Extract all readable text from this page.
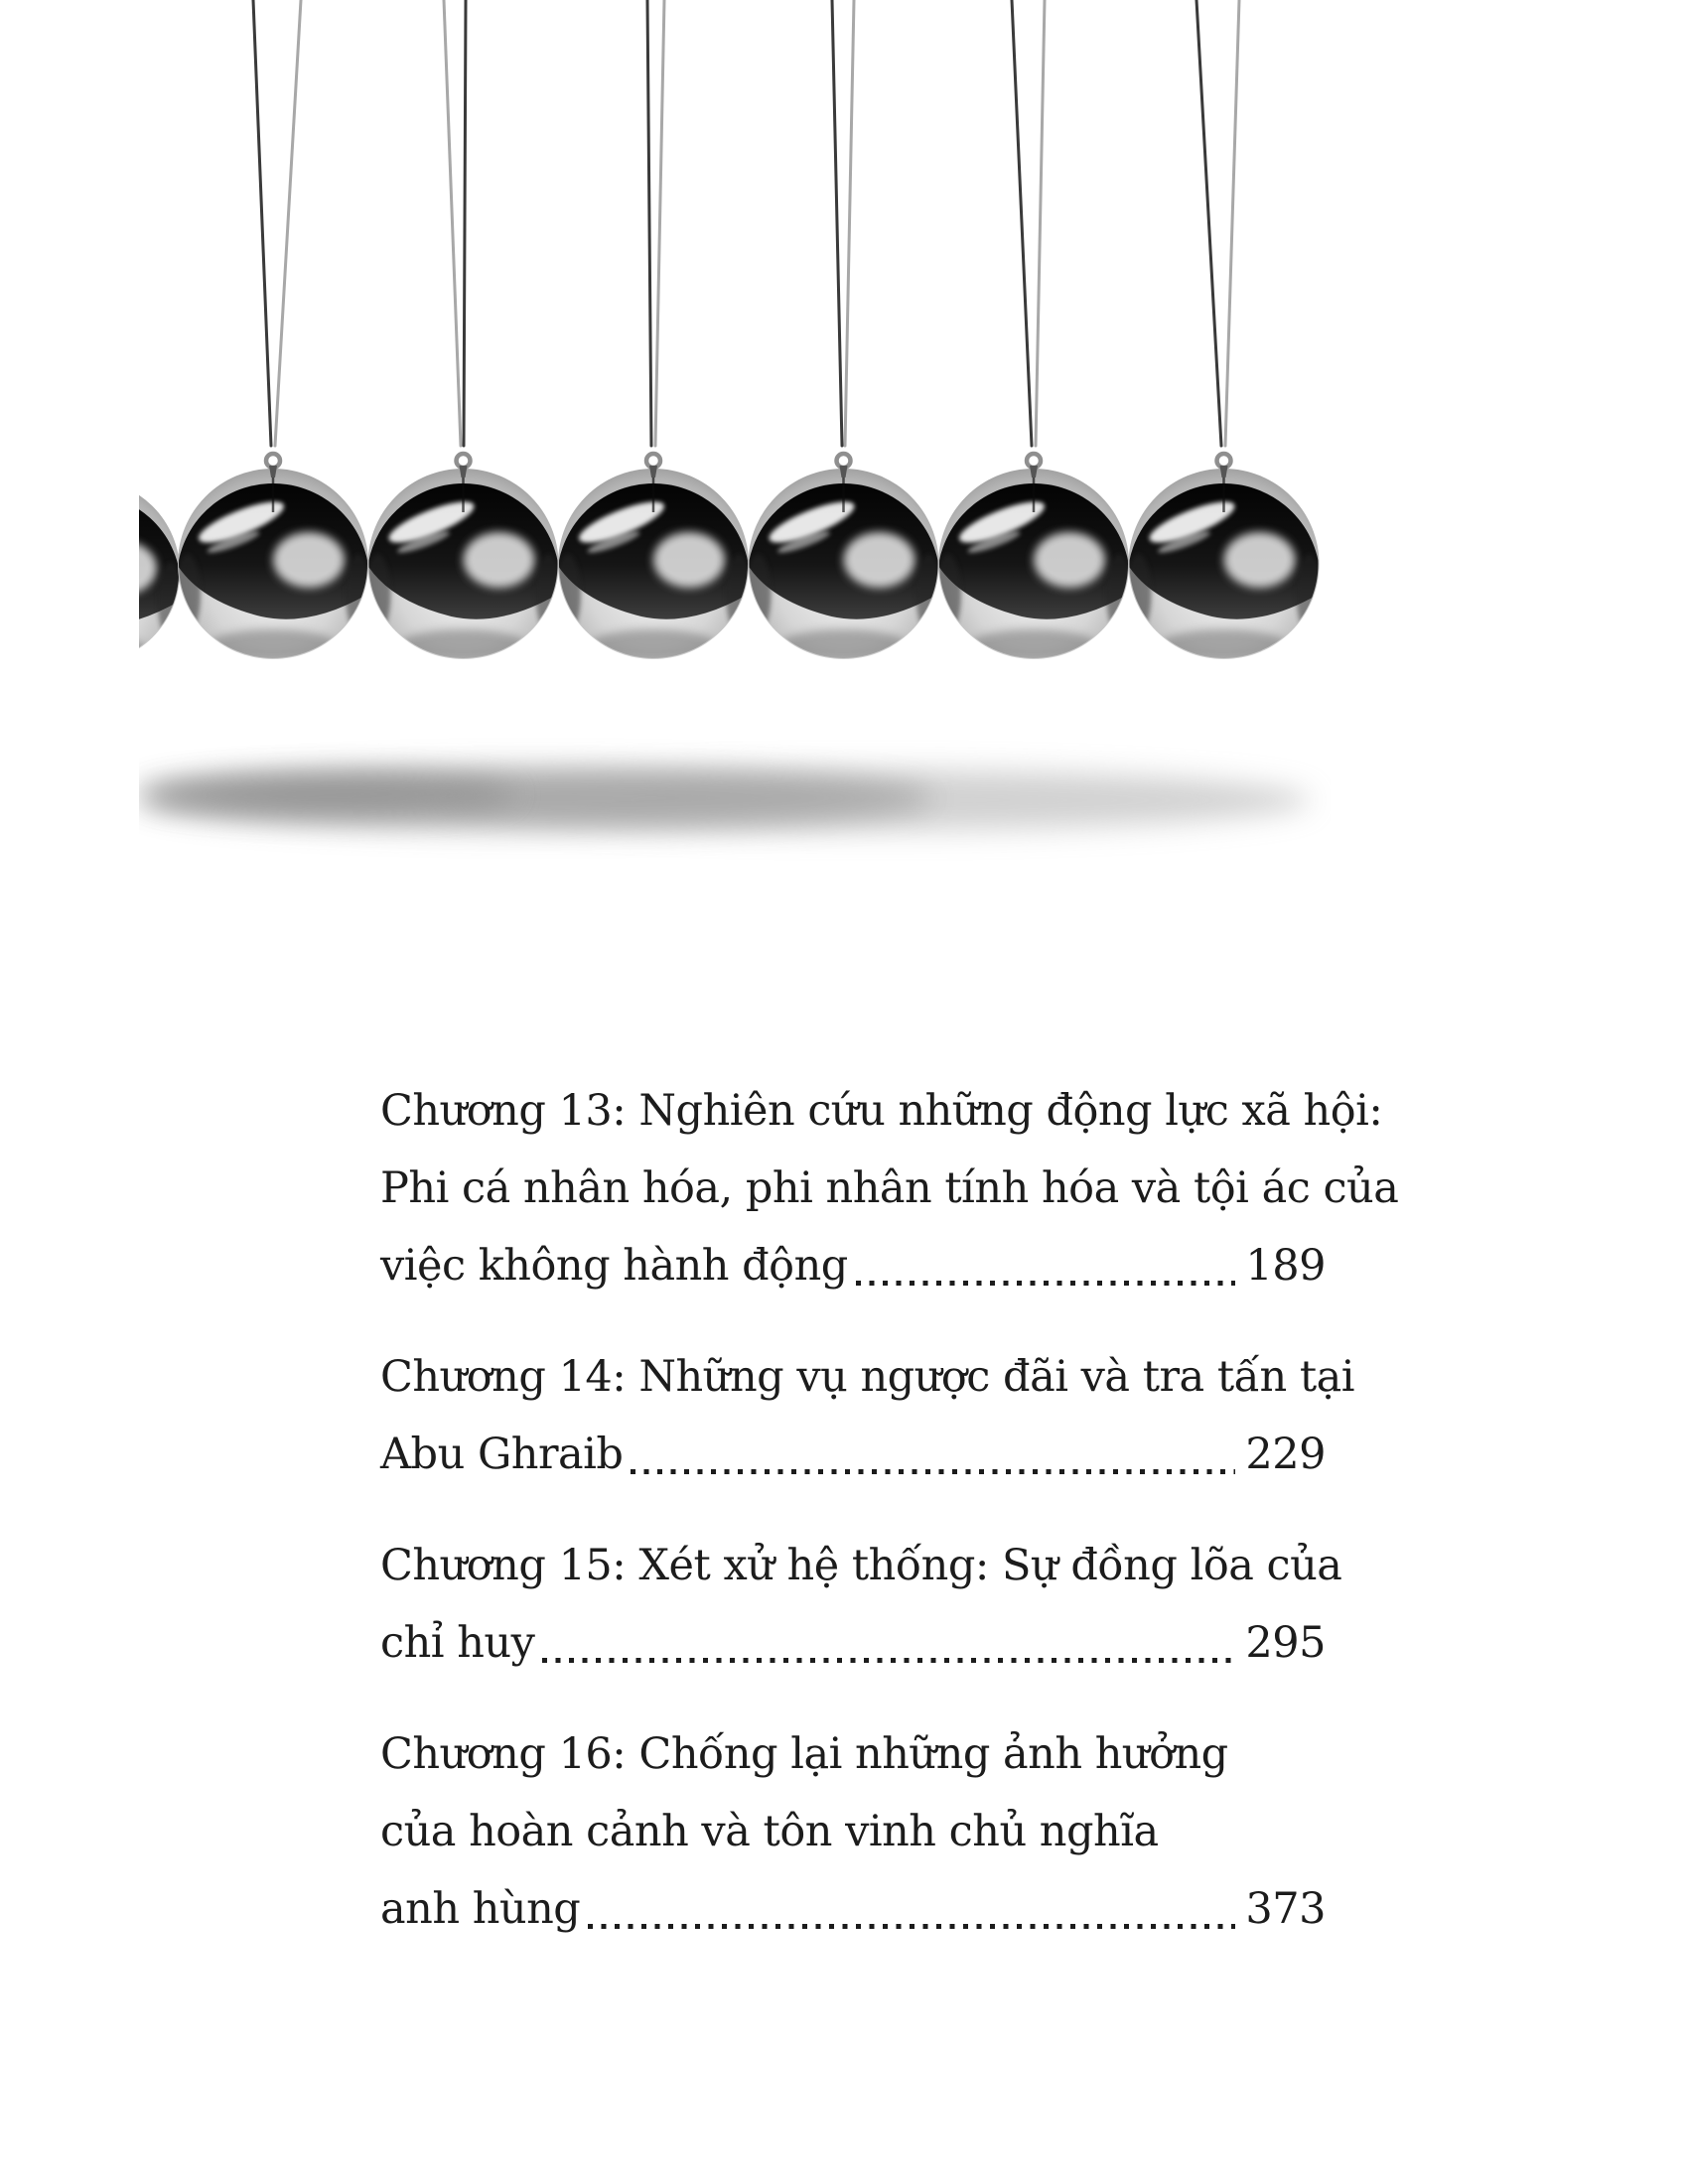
Chương 13: Nghiên cứu những động lực xã hội:
Phi cá nhân hóa, phi nhân tính hóa và tội ác của
việc không hành động	189
Chương 14: Những vụ ngược đãi và tra tấn tại
Abu Ghraib	229
Chương 15: Xét xử hệ thống: Sự đồng lõa của
chỉ huy	295
Chương 16: Chống lại những ảnh hưởng
của hoàn cảnh và tôn vinh chủ nghĩa
anh hùng	373
